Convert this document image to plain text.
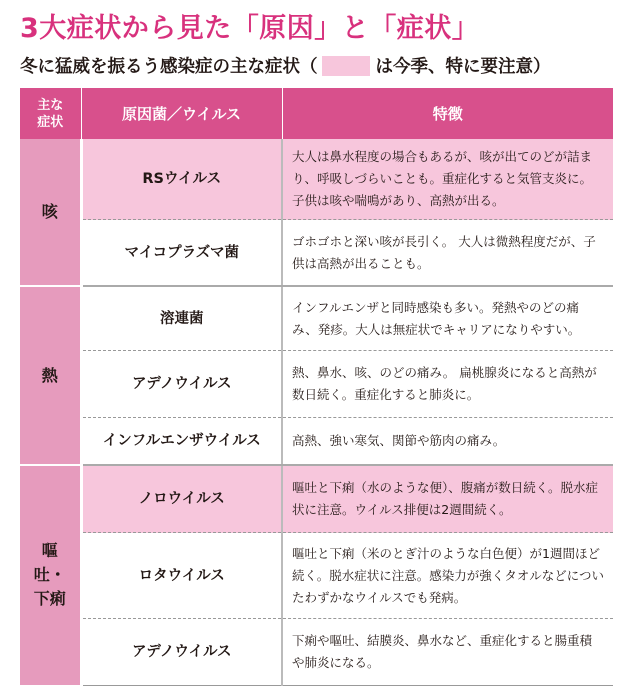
3大症状から見た「原因」と「症状」
冬に猛威を振るう感染症の主な症状（	は今季、特に要注意）
主な症状	原因菌／ウイルス	特徴
咳	RSウイルス	大人は鼻水程度の場合もあるが、咳が出てのどが詰まり、呼吸しづらいことも。重症化すると気管支炎に。子供は咳や喘鳴があり、高熱が出る。
	マイコプラズマ菌	ゴホゴホと深い咳が長引く。 大人は微熱程度だが、子供は高熱が出ることも。
熱	溶連菌	インフルエンザと同時感染も多い。発熱やのどの痛み、発疹。大人は無症状でキャリアになりやすい。
	アデノウイルス	熱、鼻水、咳、のどの痛み。 扁桃腺炎になると高熱が数日続く。重症化すると肺炎に。
	インフルエンザウイルス	高熱、強い寒気、関節や筋肉の痛み。
嘔吐・下痢	ノロウイルス	嘔吐と下痢（水のような便）、腹痛が数日続く。脱水症状に注意。ウイルス排便は2週間続く。
	ロタウイルス	嘔吐と下痢（米のとぎ汁のような白色便）が1週間ほど続く。脱水症状に注意。感染力が強くタオルなどについたわずかなウイルスでも発病。
	アデノウイルス	下痢や嘔吐、結膜炎、鼻水など、重症化すると腸重積や肺炎になる。
